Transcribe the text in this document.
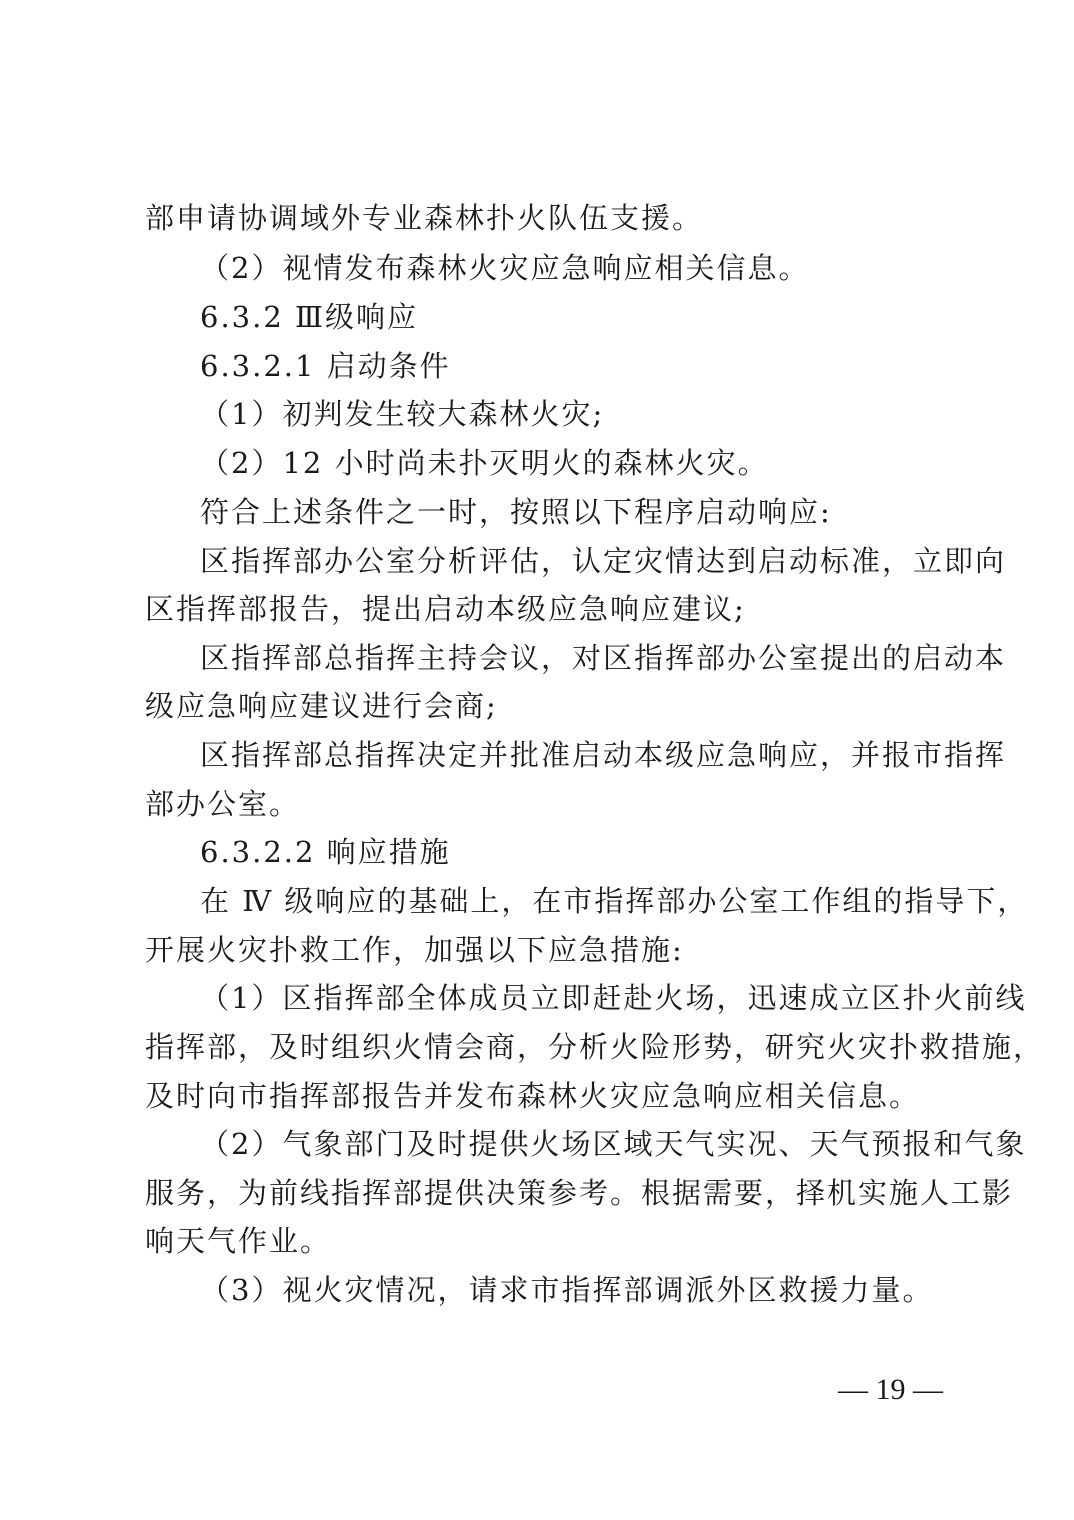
部申请协调域外专业森林扑火队伍支援。
（2）视情发布森林火灾应急响应相关信息。
6.3.2 Ⅲ级响应
6.3.2.1 启动条件
（1）初判发生较大森林火灾;
（2）12 小时尚未扑灭明火的森林火灾。
符合上述条件之一时，按照以下程序启动响应:
区指挥部办公室分析评估，认定灾情达到启动标准，立即向
区指挥部报告，提出启动本级应急响应建议;
区指挥部总指挥主持会议，对区指挥部办公室提出的启动本
级应急响应建议进行会商;
区指挥部总指挥决定并批准启动本级应急响应，并报市指挥
部办公室。
6.3.2.2 响应措施
在 Ⅳ 级响应的基础上，在市指挥部办公室工作组的指导下，
开展火灾扑救工作，加强以下应急措施:
（1）区指挥部全体成员立即赶赴火场，迅速成立区扑火前线
指挥部，及时组织火情会商，分析火险形势，研究火灾扑救措施，
及时向市指挥部报告并发布森林火灾应急响应相关信息。
（2）气象部门及时提供火场区域天气实况、天气预报和气象
服务，为前线指挥部提供决策参考。根据需要，择机实施人工影
响天气作业。
（3）视火灾情况，请求市指挥部调派外区救援力量。
— 19 —
